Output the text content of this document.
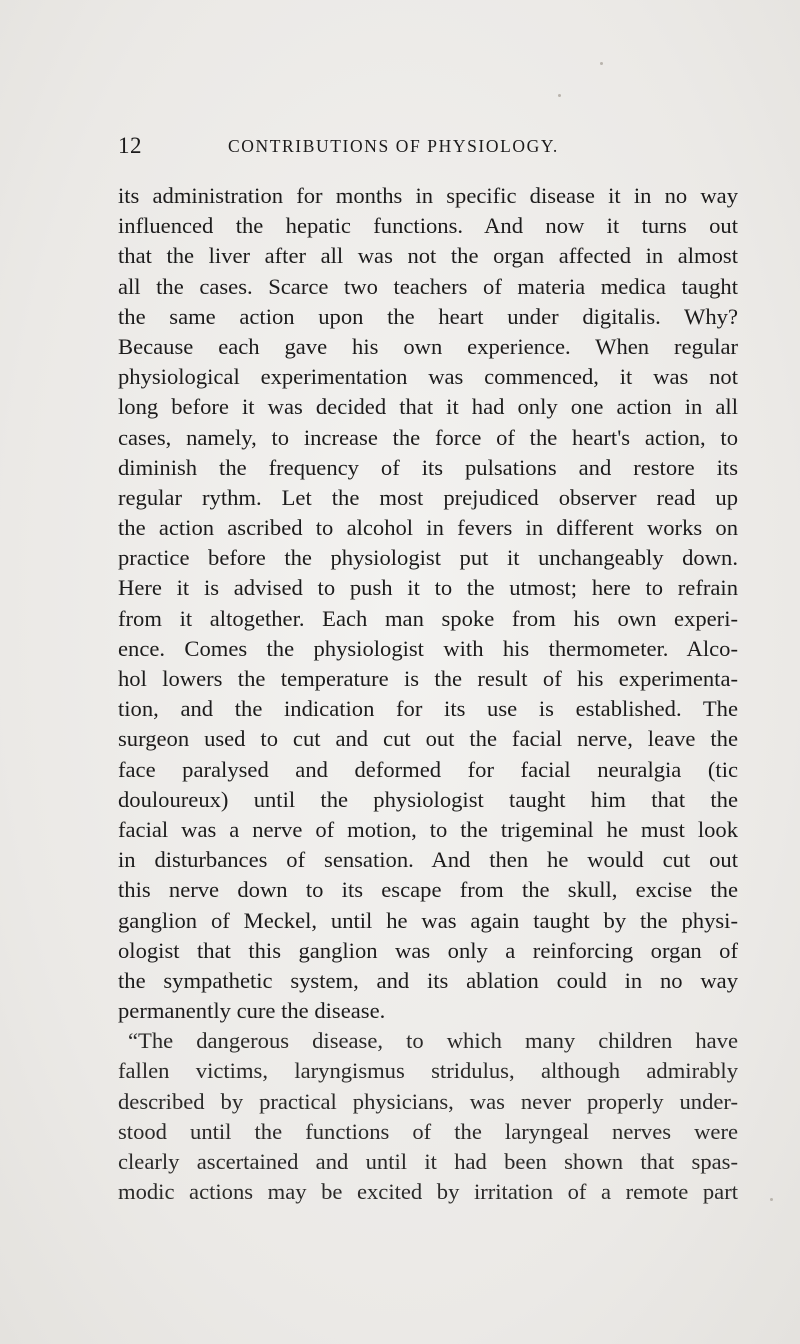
12	CONTRIBUTIONS OF PHYSIOLOGY.
its administration for months in specific disease it in no way
influenced the hepatic functions. And now it turns out
that the liver after all was not the organ affected in almost
all the cases. Scarce two teachers of materia medica taught
the same action upon the heart under digitalis. Why?
Because each gave his own experience. When regular
physiological experimentation was commenced, it was not
long before it was decided that it had only one action in all
cases, namely, to increase the force of the heart's action, to
diminish the frequency of its pulsations and restore its
regular rythm. Let the most prejudiced observer read up
the action ascribed to alcohol in fevers in different works on
practice before the physiologist put it unchangeably down.
Here it is advised to push it to the utmost; here to refrain
from it altogether. Each man spoke from his own experi-
ence. Comes the physiologist with his thermometer. Alco-
hol lowers the temperature is the result of his experimenta-
tion, and the indication for its use is established. The
surgeon used to cut and cut out the facial nerve, leave the
face paralysed and deformed for facial neuralgia (tic
douloureux) until the physiologist taught him that the
facial was a nerve of motion, to the trigeminal he must look
in disturbances of sensation. And then he would cut out
this nerve down to its escape from the skull, excise the
ganglion of Meckel, until he was again taught by the physi-
ologist that this ganglion was only a reinforcing organ of
the sympathetic system, and its ablation could in no way
permanently cure the disease.
“The dangerous disease, to which many children have
fallen victims, laryngismus stridulus, although admirably
described by practical physicians, was never properly under-
stood until the functions of the laryngeal nerves were
clearly ascertained and until it had been shown that spas-
modic actions may be excited by irritation of a remote part
